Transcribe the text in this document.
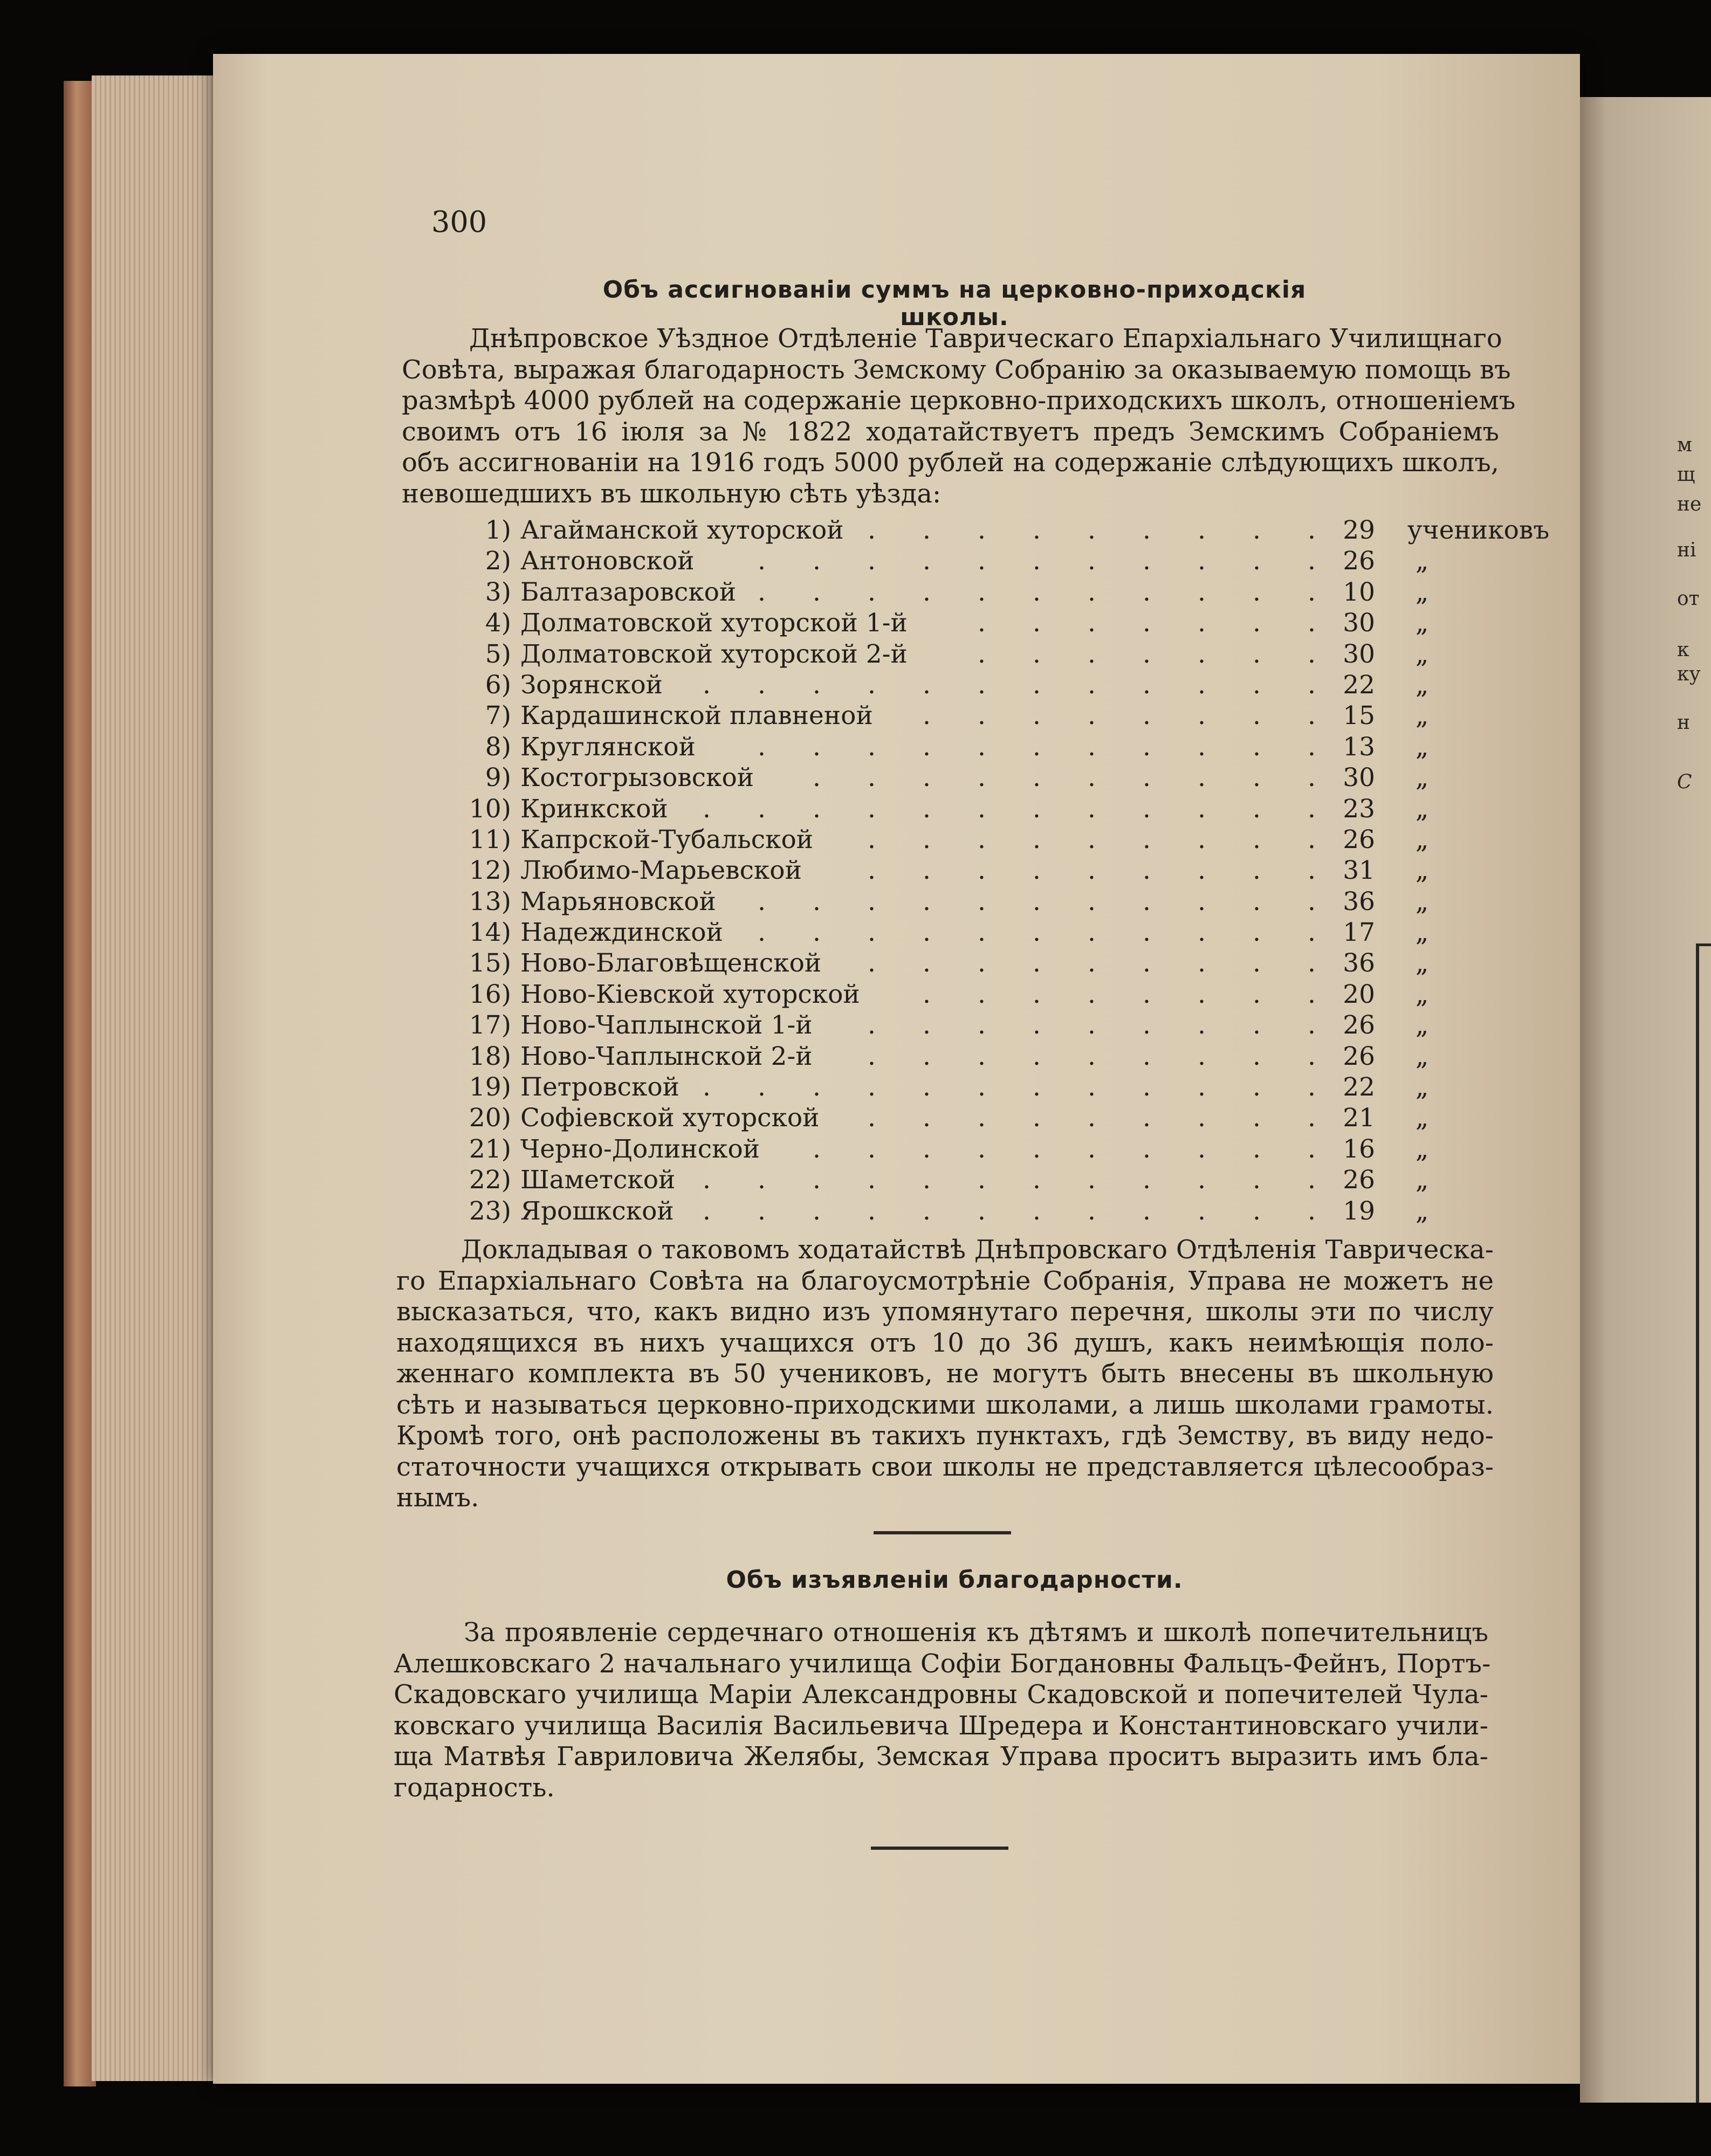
м
щ
не
ні
от
к
ку
н
С
300
Объ ассигнованіи суммъ на церковно-приходскія школы.
Днѣпровское Уѣздное Отдѣленіе Таврическаго Епархіальнаго Училищнаго
Совѣта, выражая благодарность Земскому Собранію за оказываемую помощь въ
размѣрѣ 4000 рублей на содержаніе церковно-приходскихъ школъ, отношеніемъ
своимъ отъ 16 іюля за № 1822 ходатайствуетъ предъ Земскимъ Собраніемъ
объ ассигнованіи на 1916 годъ 5000 рублей на содержаніе слѣдующихъ школъ,
невошедшихъ въ школьную сѣть уѣзда:
1) Агайманской хуторской	29 учениковъ
.
.
.
.
.
.
.
.
.
2) Антоновской	26 „
.
.
.
.
.
.
.
.
.
.
.
3) Балтазаровской	10 „
.
.
.
.
.
.
.
.
.
.
.
4) Долматовской хуторской 1-й	30 „
.
.
.
.
.
.
.
5) Долматовской хуторской 2-й	30 „
.
.
.
.
.
.
.
6) Зорянской	22 „
.
.
.
.
.
.
.
.
.
.
.
.
7) Кардашинской плавненой	15 „
.
.
.
.
.
.
.
.
8) Круглянской	13 „
.
.
.
.
.
.
.
.
.
.
.
9) Костогрызовской	30 „
.
.
.
.
.
.
.
.
.
.
10) Кринкской	23 „
.
.
.
.
.
.
.
.
.
.
.
.
11) Капрской-Тубальской	26 „
.
.
.
.
.
.
.
.
.
12) Любимо-Марьевской	31 „
.
.
.
.
.
.
.
.
.
13) Марьяновской	36 „
.
.
.
.
.
.
.
.
.
.
.
14) Надеждинской	17 „
.
.
.
.
.
.
.
.
.
.
.
15) Ново-Благовѣщенской	36 „
.
.
.
.
.
.
.
.
.
16) Ново-Кіевской хуторской	20 „
.
.
.
.
.
.
.
.
17) Ново-Чаплынской 1-й	26 „
.
.
.
.
.
.
.
.
.
18) Ново-Чаплынской 2-й	26 „
.
.
.
.
.
.
.
.
.
19) Петровской	22 „
.
.
.
.
.
.
.
.
.
.
.
.
20) Софіевской хуторской	21 „
.
.
.
.
.
.
.
.
.
21) Черно-Долинской	16 „
.
.
.
.
.
.
.
.
.
.
22) Шаметской	26 „
.
.
.
.
.
.
.
.
.
.
.
.
23) Ярошкской	19 „
.
.
.
.
.
.
.
.
.
.
.
.
Докладывая о таковомъ ходатайствѣ Днѣпровскаго Отдѣленія Таврическа-
го Епархіальнаго Совѣта на благоусмотрѣніе Собранія, Управа не можетъ не
высказаться, что, какъ видно изъ упомянутаго перечня, школы эти по числу
находящихся въ нихъ учащихся отъ 10 до 36 душъ, какъ неимѣющія поло-
женнаго комплекта въ 50 учениковъ, не могутъ быть внесены въ школьную
сѣть и называться церковно-приходскими школами, а лишь школами грамоты.
Кромѣ того, онѣ расположены въ такихъ пунктахъ, гдѣ Земству, въ виду недо-
статочности учащихся открывать свои школы не представляется цѣлесообраз-
нымъ.
Объ изъявленіи благодарности.
За проявленіе сердечнаго отношенія къ дѣтямъ и школѣ попечительницъ
Алешковскаго 2 начальнаго училища Софіи Богдановны Фальцъ-Фейнъ, Портъ-
Скадовскаго училища Маріи Александровны Скадовской и попечителей Чула-
ковскаго училища Василія Васильевича Шредера и Константиновскаго учили-
ща Матвѣя Гавриловича Желябы, Земская Управа проситъ выразить имъ бла-
годарность.
